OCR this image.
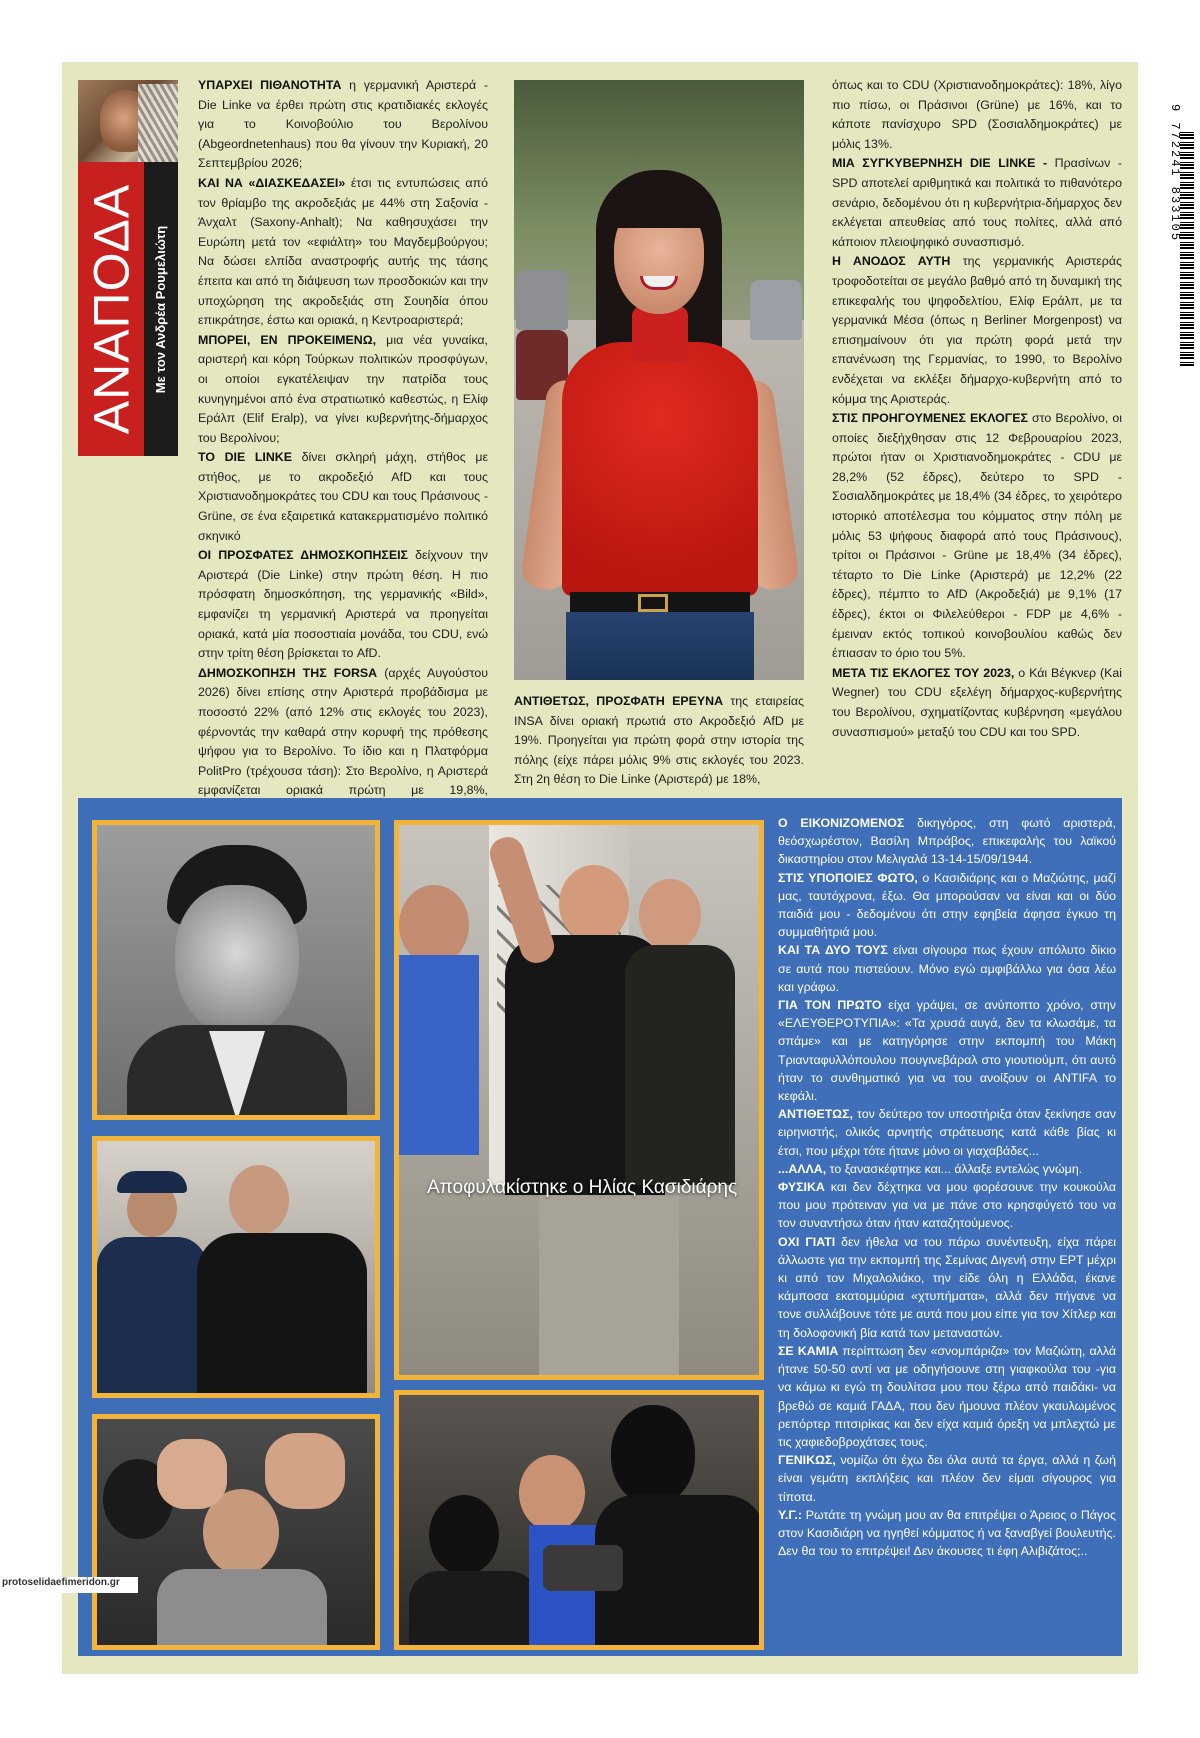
ΑΝΑΠΟΔΑ Με τον Ανδρέα Ρουμελιώτη

ΥΠΑΡΧΕΙ ΠΙΘΑΝΟΤΗΤΑ η γερμανική Αριστερά - Die Linke να έρθει πρώτη στις κρατιδιακές εκλογές για το Κοινοβούλιο του Βερολίνου (Abgeordnetenhaus) που θα γίνουν την Κυριακή, 20 Σεπτεμβρίου 2026;

ΚΑΙ ΝΑ «ΔΙΑΣΚΕΔΑΣΕΙ» έτσι τις εντυπώσεις από τον θρίαμβο της ακροδεξιάς με 44% στη Σαξονία - Άνχαλτ (Saxony-Anhalt); Να καθησυχάσει την Ευρώπη μετά τον «εφιάλτη» του Μαγδεμβούργου; Να δώσει ελπίδα αναστροφής αυτής της τάσης έπειτα και από τη διάψευση των προσδοκιών και την υποχώρηση της ακροδεξιάς στη Σουηδία όπου επικράτησε, έστω και οριακά, η Κεντροαριστερά;

ΜΠΟΡΕΙ, ΕΝ ΠΡΟΚΕΙΜΕΝΩ, μια νέα γυναίκα, αριστερή και κόρη Τούρκων πολιτικών προσφύγων, οι οποίοι εγκατέλειψαν την πατρίδα τους κυνηγημένοι από ένα στρατιωτικό καθεστώς, η Ελίφ Εράλπ (Elif Eralp), να γίνει κυβερνήτης-δήμαρχος του Βερολίνου;

ΤΟ DIE LINKE δίνει σκληρή μάχη, στήθος με στήθος, με το ακροδεξιό AfD και τους Χριστιανοδημοκράτες του CDU και τους Πράσινους - Grüne, σε ένα εξαιρετικά κατακερματισμένο πολιτικό σκηνικό

ΟΙ ΠΡΟΣΦΑΤΕΣ ΔΗΜΟΣΚΟΠΗΣΕΙΣ δείχνουν την Αριστερά (Die Linke) στην πρώτη θέση. Η πιο πρόσφατη δημοσκόπηση, της γερμανικής «Bild», εμφανίζει τη γερμανική Αριστερά να προηγείται οριακά, κατά μία ποσοστιαία μονάδα, του CDU, ενώ στην τρίτη θέση βρίσκεται το AfD.

ΔΗΜΟΣΚΟΠΗΣΗ ΤΗΣ FORSA (αρχές Αυγούστου 2026) δίνει επίσης στην Αριστερά προβάδισμα με ποσοστό 22% (από 12% στις εκλογές του 2023), φέρνοντάς την καθαρά στην κορυφή της πρόθεσης ψήφου για το Βερολίνο. Το ίδιο και η Πλατφόρμα PolitPro (τρέχουσα τάση): Στο Βερολίνο, η Αριστερά εμφανίζεται οριακά πρώτη με 19,8%,

ΑΝΤΙΘΕΤΩΣ, ΠΡΟΣΦΑΤΗ ΕΡΕΥΝΑ της εταιρείας INSA δίνει οριακή πρωτιά στο Ακροδεξιό AfD με 19%. Προηγείται για πρώτη φορά στην ιστορία της πόλης (είχε πάρει μόλις 9% στις εκλογές του 2023. Στη 2η θέση το Die Linke (Αριστερά) με 18%,

όπως και το CDU (Χριστιανοδημοκράτες): 18%, λίγο πιο πίσω, οι Πράσινοι (Grüne) με 16%, και το κάποτε πανίσχυρο SPD (Σοσιαλδημοκράτες) με μόλις 13%.

ΜΙΑ ΣΥΓΚΥΒΕΡΝΗΣΗ DIE LINKE - Πρασίνων - SPD αποτελεί αριθμητικά και πολιτικά το πιθανότερο σενάριο, δεδομένου ότι η κυβερνήτρια-δήμαρχος δεν εκλέγεται απευθείας από τους πολίτες, αλλά από κάποιον πλειοψηφικό συνασπισμό.

Η ΑΝΟΔΟΣ ΑΥΤΗ της γερμανικής Αριστεράς τροφοδοτείται σε μεγάλο βαθμό από τη δυναμική της επικεφαλής του ψηφοδελτίου, Ελίφ Εράλπ, με τα γερμανικά Μέσα (όπως η Berliner Morgenpost) να επισημαίνουν ότι για πρώτη φορά μετά την επανένωση της Γερμανίας, το 1990, το Βερολίνο ενδέχεται να εκλέξει δήμαρχο-κυβερνήτη από το κόμμα της Αριστεράς.

ΣΤΙΣ ΠΡΟΗΓΟΥΜΕΝΕΣ ΕΚΛΟΓΕΣ στο Βερολίνο, οι οποίες διεξήχθησαν στις 12 Φεβρουαρίου 2023, πρώτοι ήταν οι Χριστιανοδημοκράτες - CDU με 28,2% (52 έδρες), δεύτερο το SPD - Σοσιαλδημοκράτες με 18,4% (34 έδρες, το χειρότερο ιστορικό αποτέλεσμα του κόμματος στην πόλη με μόλις 53 ψήφους διαφορά από τους Πράσινους), τρίτοι οι Πράσινοι - Grüne με 18,4% (34 έδρες), τέταρτο το Die Linke (Αριστερά) με 12,2% (22 έδρες), πέμπτο το AfD (Ακροδεξιά) με 9,1% (17 έδρες), έκτοι οι Φιλελεύθεροι - FDP με 4,6% - έμειναν εκτός τοπικού κοινοβουλίου καθώς δεν έπιασαν το όριο του 5%.

ΜΕΤΑ ΤΙΣ ΕΚΛΟΓΕΣ ΤΟΥ 2023, ο Κάι Βέγκνερ (Kai Wegner) του CDU εξελέγη δήμαρχος-κυβερνήτης του Βερολίνου, σχηματίζοντας κυβέρνηση «μεγάλου συνασπισμού» μεταξύ του CDU και του SPD.

Αποφυλακίστηκε ο Ηλίας Κασιδιάρης

Ο ΕΙΚΟΝΙΖΟΜΕΝΟΣ δικηγόρος, στη φωτό αριστερά, θεόσχωρέστον, Βασίλη Μπράβος, επικεφαλής του λαϊκού δικαστηρίου στον Μελιγαλά 13-14-15/09/1944.

ΣΤΙΣ ΥΠΟΠΟΙΕΣ ΦΩΤΟ, ο Κασιδιάρης και ο Μαζιώτης, μαζί μας, ταυτόχρονα, έξω. Θα μπορούσαν να είναι και οι δύο παιδιά μου - δεδομένου ότι στην εφηβεία άφησα έγκυο τη συμμαθήτριά μου.

ΚΑΙ ΤΑ ΔΥΟ ΤΟΥΣ είναι σίγουρα πως έχουν απόλυτο δίκιο σε αυτά που πιστεύουν. Μόνο εγώ αμφιβάλλω για όσα λέω και γράφω.

ΓΙΑ ΤΟΝ ΠΡΩΤΟ είχα γράψει, σε ανύποπτο χρόνο, στην «ΕΛΕΥΘΕΡΟΤΥΠΙΑ»: «Τα χρυσά αυγά, δεν τα κλωσάμε, τα σπάμε» και με κατηγόρησε στην εκπομπή του Μάκη Τριανταφυλλόπουλου πουγινεβάραλ στο γιουτιούμπ, ότι αυτό ήταν το συνθηματικό για να του ανοίξουν οι ANTIFA το κεφάλι.

ΑΝΤΙΘΕΤΩΣ, τον δεύτερο τον υποστήριξα όταν ξεκίνησε σαν ειρηνιστής, ολικός αρνητής στράτευσης κατά κάθε βίας κι έτσι, που μέχρι τότε ήτανε μόνο οι γιαχαβάδες...

...ΑΛΛΑ, το ξανασκέφτηκε και... άλλαξε εντελώς γνώμη.

ΦΥΣΙΚΑ και δεν δέχτηκα να μου φορέσουνε την κουκούλα που μου πρότειναν για να με πάνε στο κρησφύγετό του να τον συναντήσω όταν ήταν καταζητούμενος.

ΟΧΙ ΓΙΑΤΙ δεν ήθελα να του πάρω συνέντευξη, είχα πάρει άλλωστε για την εκπομπή της Σεμίνας Διγενή στην ΕΡΤ μέχρι κι από τον Μιχαλολιάκο, την είδε όλη η Ελλάδα, έκανε κάμποσα εκατομμύρια «χτυπήματα», αλλά δεν πήγανε να τονε συλλάβουνε τότε με αυτά που μου είπε για τον Χίτλερ και τη δολοφονική βία κατά των μεταναστών.

ΣΕ ΚΑΜΙΑ περίπτωση δεν «σνομπάριζα» τον Μαζιώτη, αλλά ήτανε 50-50 αντί να με οδηγήσουνε στη γιαφκούλα του -για να κάμω κι εγώ τη δουλίτσα μου που ξέρω από παιδάκι- να βρεθώ σε καμιά ΓΑΔΑ, που δεν ήμουνα πλέον γκαυλωμένος ρεπόρτερ πιτσιρίκας και δεν είχα καμιά όρεξη να μπλεχτώ με τις χαφιεδοβροχάτσες τους.

ΓΕΝΙΚΩΣ, νομίζω ότι έχω δει όλα αυτά τα έργα, αλλά η ζωή είναι γεμάτη εκπλήξεις και πλέον δεν είμαι σίγουρος για τίποτα.

Υ.Γ.: Ρωτάτε τη γνώμη μου αν θα επιτρέψει ο Άρειος ο Πάγος στον Κασιδιάρη να ηγηθεί κόμματος ή να ξαναβγεί βουλευτής. Δεν θα του το επιτρέψει! Δεν άκουσες τι έφη Αλιβιζάτος;..

9 772241 833105
protoselidaefimeridon.gr
